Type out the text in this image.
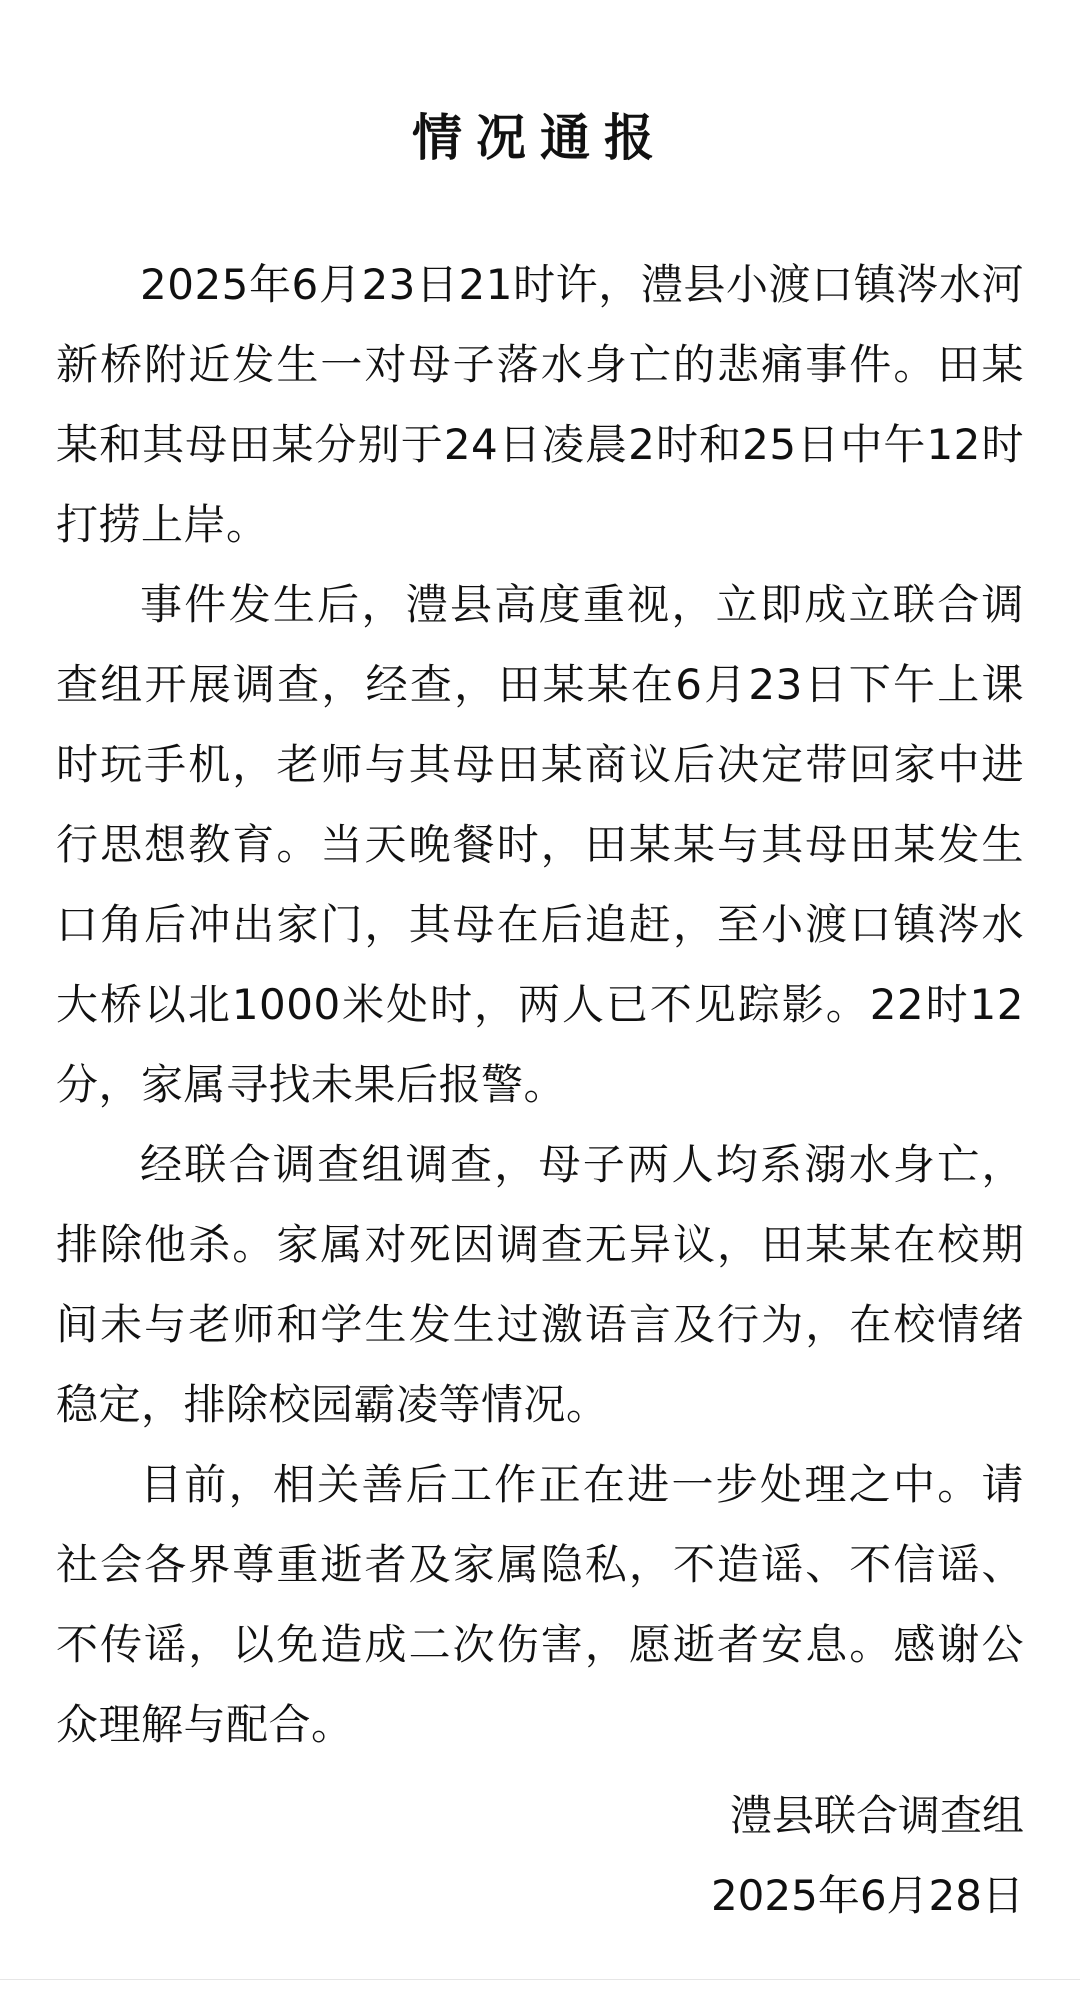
情况通报

2025年6月23日21时许，澧县小渡口镇涔水河新桥附近发生一对母子落水身亡的悲痛事件。田某某和其母田某分别于24日凌晨2时和25日中午12时打捞上岸。

事件发生后，澧县高度重视，立即成立联合调查组开展调查，经查，田某某在6月23日下午上课时玩手机，老师与其母田某商议后决定带回家中进行思想教育。当天晚餐时，田某某与其母田某发生口角后冲出家门，其母在后追赶，至小渡口镇涔水大桥以北1000米处时，两人已不见踪影。22时12分，家属寻找未果后报警。

经联合调查组调查，母子两人均系溺水身亡，排除他杀。家属对死因调查无异议，田某某在校期间未与老师和学生发生过激语言及行为，在校情绪稳定，排除校园霸凌等情况。

目前，相关善后工作正在进一步处理之中。请社会各界尊重逝者及家属隐私，不造谣、不信谣、不传谣，以免造成二次伤害，愿逝者安息。感谢公众理解与配合。

澧县联合调查组
2025年6月28日
